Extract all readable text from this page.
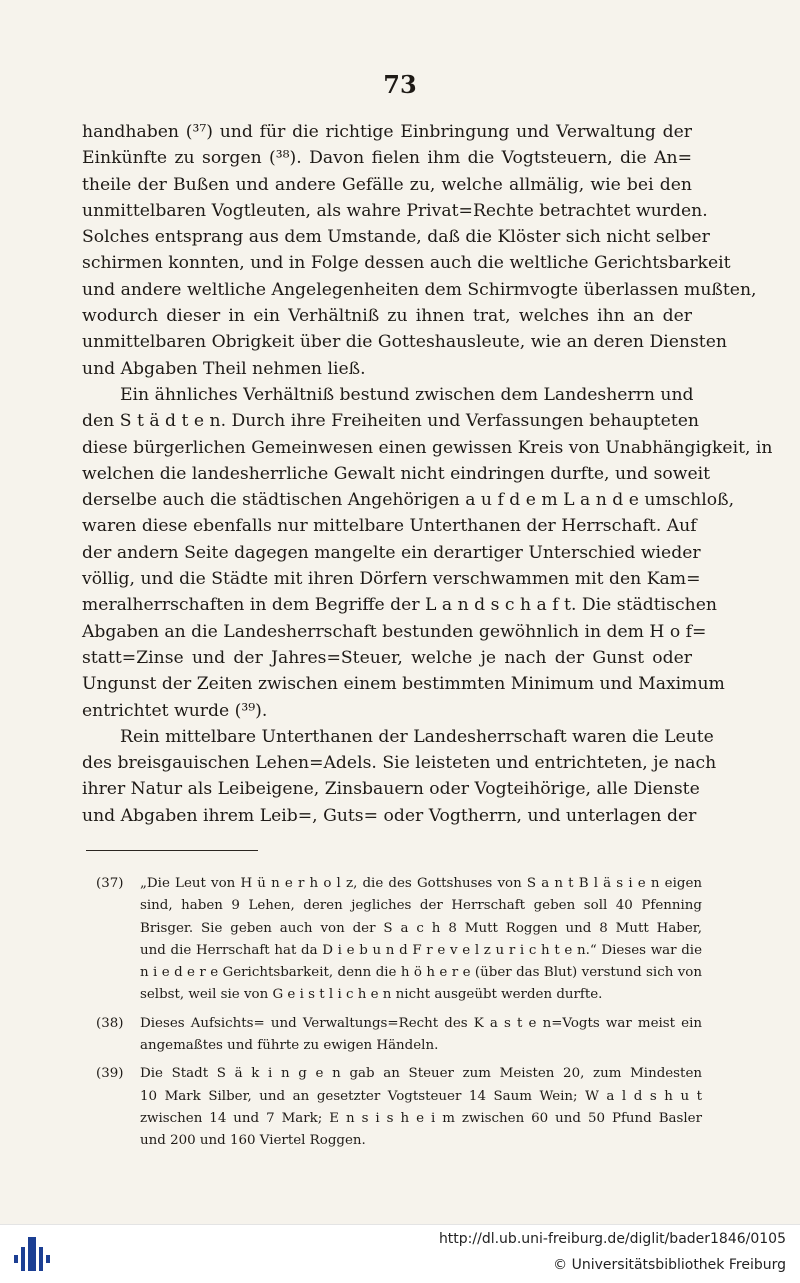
73
handhaben (³⁷) und für die richtige Einbringung und Verwaltung der
Einkünfte zu sorgen (³⁸). Davon fielen ihm die Vogtsteuern, die An=
theile der Bußen und andere Gefälle zu, welche allmälig, wie bei den
unmittelbaren Vogtleuten, als wahre Privat=Rechte betrachtet wurden.
Solches entsprang aus dem Umstande, daß die Klöster sich nicht selber
schirmen konnten, und in Folge dessen auch die weltliche Gerichtsbarkeit
und andere weltliche Angelegenheiten dem Schirmvogte überlassen mußten,
wodurch dieser in ein Verhältniß zu ihnen trat, welches ihn an der
unmittelbaren Obrigkeit über die Gotteshausleute, wie an deren Diensten
und Abgaben Theil nehmen ließ.
Ein ähnliches Verhältniß bestund zwischen dem Landesherrn und
den S t ä d t e n. Durch ihre Freiheiten und Verfassungen behaupteten
diese bürgerlichen Gemeinwesen einen gewissen Kreis von Unabhängigkeit, in
welchen die landesherrliche Gewalt nicht eindringen durfte, und soweit
derselbe auch die städtischen Angehörigen a u f d e m L a n d e umschloß,
waren diese ebenfalls nur mittelbare Unterthanen der Herrschaft. Auf
der andern Seite dagegen mangelte ein derartiger Unterschied wieder
völlig, und die Städte mit ihren Dörfern verschwammen mit den Kam=
meralherrschaften in dem Begriffe der L a n d s c h a f t. Die städtischen
Abgaben an die Landesherrschaft bestunden gewöhnlich in dem H o f=
statt=Zinse und der Jahres=Steuer, welche je nach der Gunst oder
Ungunst der Zeiten zwischen einem bestimmten Minimum und Maximum
entrichtet wurde (³⁹).
Rein mittelbare Unterthanen der Landesherrschaft waren die Leute
des breisgauischen Lehen=Adels. Sie leisteten und entrichteten, je nach
ihrer Natur als Leibeigene, Zinsbauern oder Vogteihörige, alle Dienste
und Abgaben ihrem Leib=, Guts= oder Vogtherrn, und unterlagen der
(37)	„Die Leut von H ü n e r h o l z, die des Gottshuses von S a n t B l ä s i e n eigen
sind, haben 9 Lehen, deren jegliches der Herrschaft geben soll 40 Pfenning
Brisger. Sie geben auch von der S a c h 8 Mutt Roggen und 8 Mutt Haber,
und die Herrschaft hat da D i e b u n d F r e v e l z u r i c h t e n.“ Dieses war die
n i e d e r e Gerichtsbarkeit, denn die h ö h e r e (über das Blut) verstund sich von
selbst, weil sie von G e i s t l i c h e n nicht ausgeübt werden durfte.
(38)	Dieses Aufsichts= und Verwaltungs=Recht des K a s t e n=Vogts war meist ein
angemaßtes und führte zu ewigen Händeln.
(39)	Die Stadt S ä k i n g e n gab an Steuer zum Meisten 20, zum Mindesten
10 Mark Silber, und an gesetzter Vogtsteuer 14 Saum Wein; W a l d s h u t
zwischen 14 und 7 Mark; E n s i s h e i m zwischen 60 und 50 Pfund Basler
und 200 und 160 Viertel Roggen.
http://dl.ub.uni-freiburg.de/diglit/bader1846/0105
© Universitätsbibliothek Freiburg
